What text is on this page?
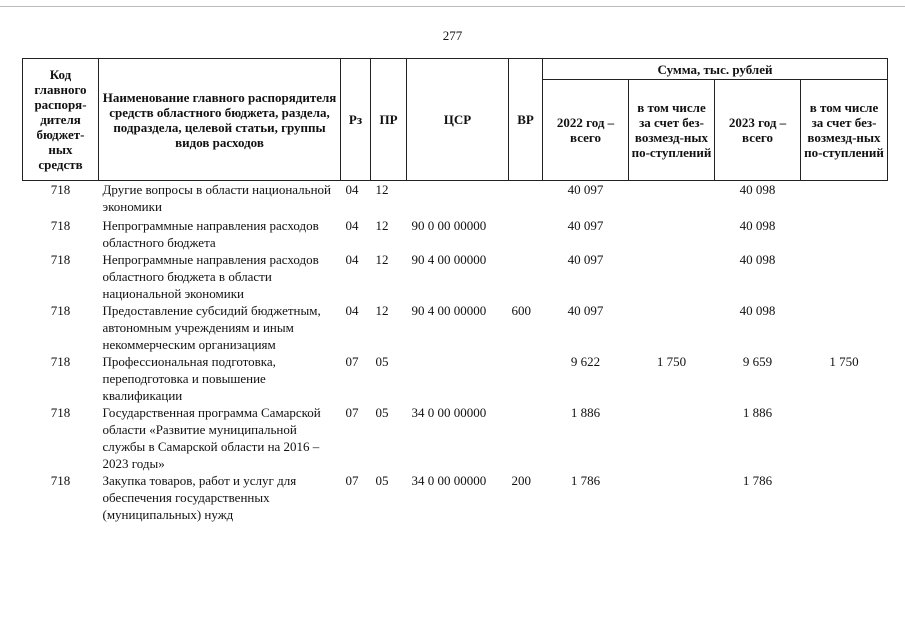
277
Код главного распоря-дителя бюджет-ных средств	Наименование главного распорядителя средств областного бюджета, раздела, подраздела, целевой статьи, группы видов расходов	Рз	ПР	ЦСР	ВР	Сумма, тыс. рублей			
						2022 год – всего	в том числе за счет без-возмезд-ных по-ступлений	2023 год – всего	в том числе за счет без-возмезд-ных по-ступлений
718	Другие вопросы в области национальной экономики	04	12			40 097		40 098	
718	Непрограммные направления расходов областного бюджета	04	12	90 0 00 00000		40 097		40 098	
718	Непрограммные направления расходов областного бюджета в области национальной экономики	04	12	90 4 00 00000		40 097		40 098	
718	Предоставление субсидий бюджетным, автономным учреждениям и иным некоммерческим организациям	04	12	90 4 00 00000	600	40 097		40 098	
718	Профессиональная подготовка, переподготовка и повышение квалификации	07	05			9 622	1 750	9 659	1 750
718	Государственная программа Самарской области «Развитие муниципальной службы в Самарской области на 2016 – 2023 годы»	07	05	34 0 00 00000		1 886		1 886	
718	Закупка товаров, работ и услуг для обеспечения государственных (муниципальных) нужд	07	05	34 0 00 00000	200	1 786		1 786	
